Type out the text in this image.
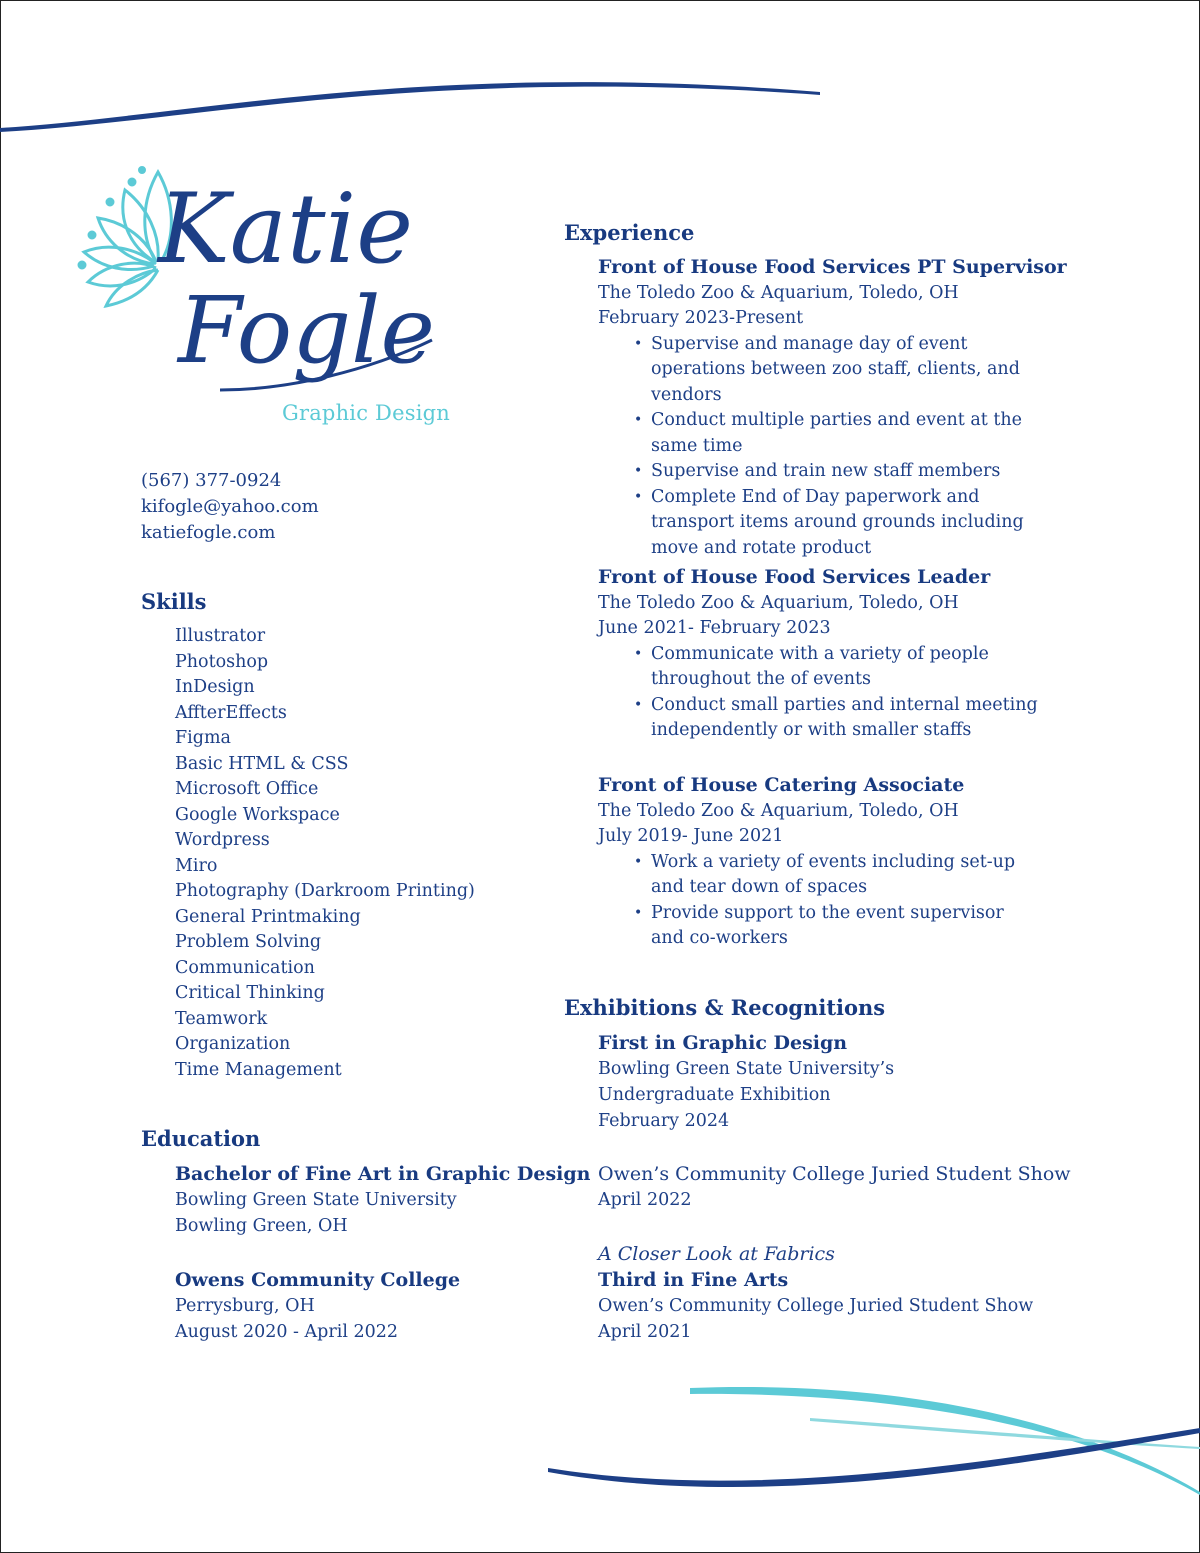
Katie
Fogle
Graphic Design
(567) 377-0924
kifogle@yahoo.com
katiefogle.com
Skills
Illustrator
Photoshop
InDesign
AffterEffects
Figma
Basic HTML & CSS
Microsoft Office
Google Workspace
Wordpress
Miro
Photography (Darkroom Printing)
General Printmaking
Problem Solving
Communication
Critical Thinking
Teamwork
Organization
Time Management
Education
Bachelor of Fine Art in Graphic Design
Bowling Green State University
Bowling Green, OH
Owens Community College
Perrysburg, OH
August 2020 - April 2022
Experience
Front of House Food Services PT Supervisor
The Toledo Zoo & Aquarium, Toledo, OH
February 2023-Present
• Supervise and manage day of event operations between zoo staff, clients, and vendors
• Conduct multiple parties and event at the same time
• Supervise and train new staff members
• Complete End of Day paperwork and transport items around grounds including move and rotate product
Front of House Food Services Leader
The Toledo Zoo & Aquarium, Toledo, OH
June 2021- February 2023
• Communicate with a variety of people throughout the of events
• Conduct small parties and internal meeting independently or with smaller staffs
Front of House Catering Associate
The Toledo Zoo & Aquarium, Toledo, OH
July 2019- June 2021
• Work a variety of events including set-up and tear down of spaces
• Provide support to the event supervisor and co-workers
Exhibitions & Recognitions
First in Graphic Design
Bowling Green State University’s
Undergraduate Exhibition
February 2024
Owen’s Community College Juried Student Show
April 2022
A Closer Look at Fabrics
Third in Fine Arts
Owen’s Community College Juried Student Show
April 2021
